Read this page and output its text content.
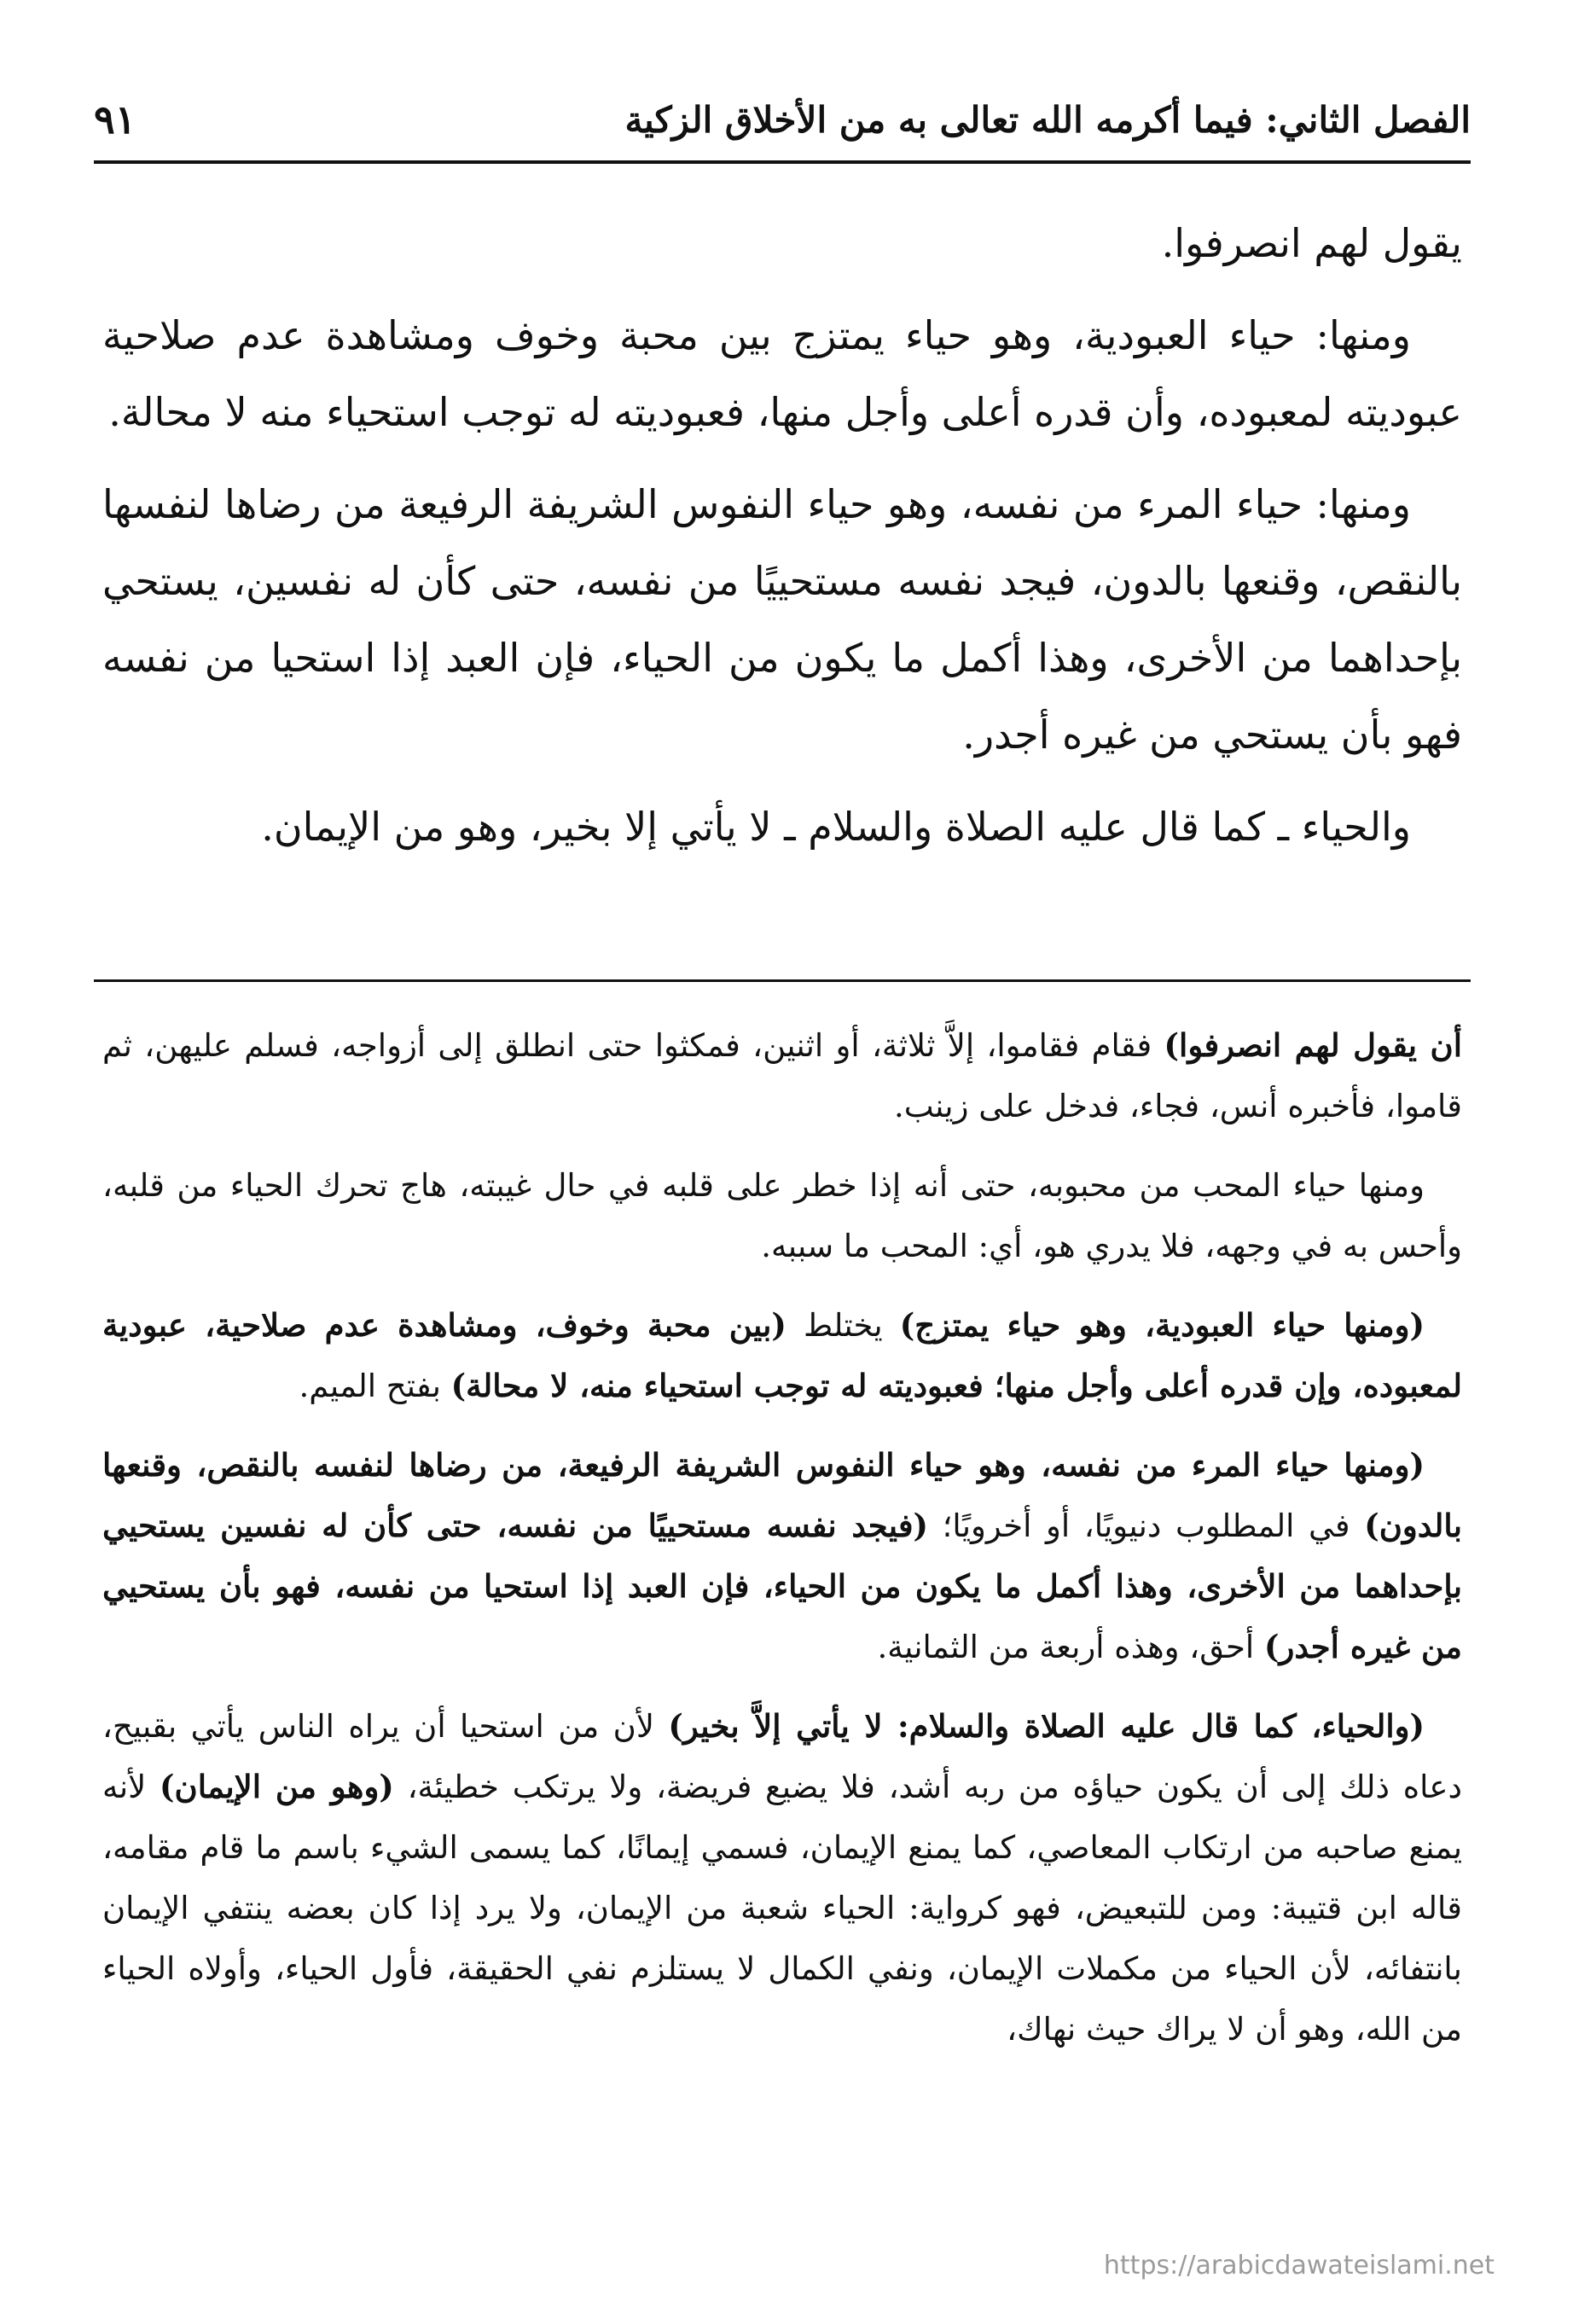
الفصل الثاني: فيما أكرمه الله تعالى به من الأخلاق الزكية
٩١

يقول لهم انصرفوا.

ومنها: حياء العبودية، وهو حياء يمتزج بين محبة وخوف ومشاهدة عدم صلاحية عبوديته لمعبوده، وأن قدره أعلى وأجل منها، فعبوديته له توجب استحياء منه لا محالة.

ومنها: حياء المرء من نفسه، وهو حياء النفوس الشريفة الرفيعة من رضاها لنفسها بالنقص، وقنعها بالدون، فيجد نفسه مستحييًا من نفسه، حتى كأن له نفسين، يستحي بإحداهما من الأخرى، وهذا أكمل ما يكون من الحياء، فإن العبد إذا استحيا من نفسه فهو بأن يستحي من غيره أجدر.

والحياء ـ كما قال عليه الصلاة والسلام ـ لا يأتي إلا بخير، وهو من الإيمان.

أن يقول لهم انصرفوا) فقام فقاموا، إلاَّ ثلاثة، أو اثنين، فمكثوا حتى انطلق إلى أزواجه، فسلم عليهن، ثم قاموا، فأخبره أنس، فجاء، فدخل على زينب.

ومنها حياء المحب من محبوبه، حتى أنه إذا خطر على قلبه في حال غيبته، هاج تحرك الحياء من قلبه، وأحس به في وجهه، فلا يدري هو، أي: المحب ما سببه.

(ومنها حياء العبودية، وهو حياء يمتزج) يختلط (بين محبة وخوف، ومشاهدة عدم صلاحية، عبودية لمعبوده، وإن قدره أعلى وأجل منها؛ فعبوديته له توجب استحياء منه، لا محالة) بفتح الميم.

(ومنها حياء المرء من نفسه، وهو حياء النفوس الشريفة الرفيعة، من رضاها لنفسه بالنقص، وقنعها بالدون) في المطلوب دنيويًا، أو أخرويًا؛ (فيجد نفسه مستحييًا من نفسه، حتى كأن له نفسين يستحيي بإحداهما من الأخرى، وهذا أكمل ما يكون من الحياء، فإن العبد إذا استحيا من نفسه، فهو بأن يستحيي من غيره أجدر) أحق، وهذه أربعة من الثمانية.

(والحياء، كما قال عليه الصلاة والسلام: لا يأتي إلاَّ بخير) لأن من استحيا أن يراه الناس يأتي بقبيح، دعاه ذلك إلى أن يكون حياؤه من ربه أشد، فلا يضيع فريضة، ولا يرتكب خطيئة، (وهو من الإيمان) لأنه يمنع صاحبه من ارتكاب المعاصي، كما يمنع الإيمان، فسمي إيمانًا، كما يسمى الشيء باسم ما قام مقامه، قاله ابن قتيبة: ومن للتبعيض، فهو كرواية: الحياء شعبة من الإيمان، ولا يرد إذا كان بعضه ينتفي الإيمان بانتفائه، لأن الحياء من مكملات الإيمان، ونفي الكمال لا يستلزم نفي الحقيقة، فأول الحياء، وأولاه الحياء من الله، وهو أن لا يراك حيث نهاك،

https://arabicdawateislami.net
